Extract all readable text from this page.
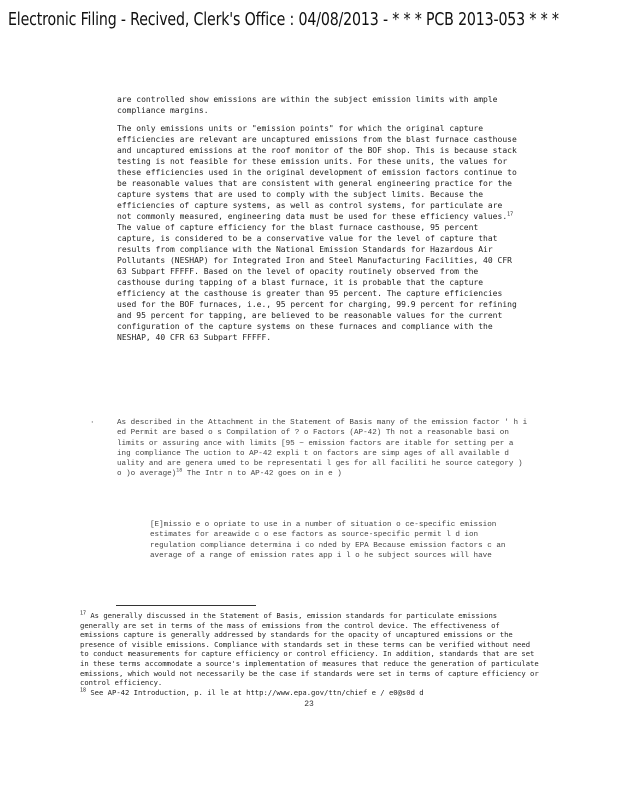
Electronic Filing - Recived, Clerk's Office : 04/08/2013 - * * * PCB 2013-053 * * *

are controlled show emissions are within the subject emission limits with ample compliance margins.

The only emissions units or "emission points" for which the original capture efficiencies are relevant are uncaptured emissions from the blast furnace casthouse and uncaptured emissions at the roof monitor of the BOF shop. This is because stack testing is not feasible for these emission units. For these units, the values for these efficiencies used in the original development of emission factors continue to be reasonable values that are consistent with general engineering practice for the capture systems that are used to comply with the subject limits. Because the efficiencies of capture systems, as well as control systems, for particulate are not commonly measured, engineering data must be used for these efficiency values.$^{17}$ The value of capture efficiency for the blast furnace casthouse, 95 percent capture, is considered to be a conservative value for the level of capture that results from compliance with the National Emission Standards for Hazardous Air Pollutants (NESHAP) for Integrated Iron and Steel Manufacturing Facilities, 40 CFR 63 Subpart FFFFF. Based on the level of opacity routinely observed from the casthouse during tapping of a blast furnace, it is probable that the capture efficiency at the casthouse is greater than 95 percent. The capture efficiencies used for the BOF furnaces, i.e., 95 percent for charging, 99.9 percent for refining and 95 percent for tapping, are believed to be reasonable values for the current configuration of the capture systems on these furnaces and compliance with the NESHAP, 40 CFR 63 Subpart FFFFF.

·	As described in the Attachment in the Statement of Basis many of the emission factor ' h i ed Permit are based o s Compilation of ? o Factors (AP-42) Th not a reasonable basi on limits or assuring ance with limits [95 ~ emission factors are itable for setting per a ing compliance The uction to AP-42 expli t on factors are simp ages of all available d uality and are genera umed to be representati l ges for all faciliti he source category ) o )o average)$^{18}$ The Intr n to AP-42 goes on in e )

[E]missio e o opriate to use in a number of situation o ce-specific emission estimates for areawide c o ese factors as source-specific permit l d ion regulation compliance determina i co nded by EPA Because emission factors c an average of a range of emission rates app i l o he subject sources will have

$^{17}$ As generally discussed in the Statement of Basis, emission standards for particulate emissions generally are set in terms of the mass of emissions from the control device. The effectiveness of emissions capture is generally addressed by standards for the opacity of uncaptured emissions or the presence of visible emissions. Compliance with standards set in these terms can be verified without need to conduct measurements for capture efficiency or control efficiency. In addition, standards that are set in these terms accommodate a source's implementation of measures that reduce the generation of particulate emissions, which would not necessarily be the case if standards were set in terms of capture efficiency or control efficiency.

$^{18}$ See AP-42 Introduction, p. il le at http://www.epa.gov/ttn/chief e / e0@s0d d

23
